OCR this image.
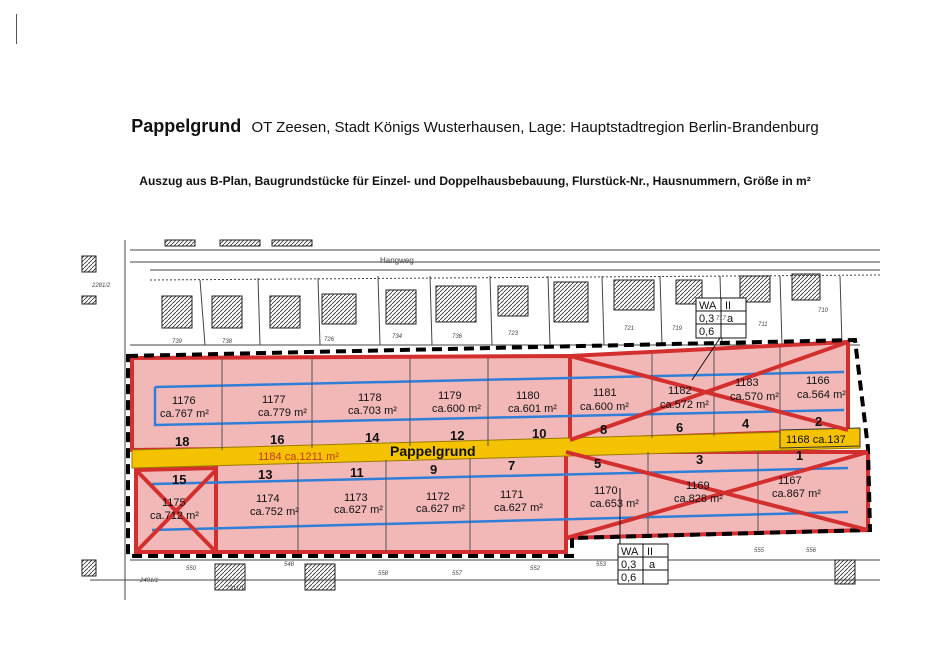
Pappelgrund OT Zeesen, Stadt Königs Wusterhausen, Lage: Hauptstadtregion Berlin-Brandenburg
Auszug aus B-Plan, Baugrundstücke für Einzel- und Doppelhausbebauung, Flurstück-Nr., Hausnummern, Größe in m²
Hangweg
Pappelgrund
1184 ca.1211 m²
1168 ca.137
1176
ca.767 m²
18
1177
ca.779 m²
16
1178
ca.703 m²
14
1179
ca.600 m²
12
1180
ca.601 m²
10
1181
ca.600 m²
8
1182
ca.572 m²
6
1183
ca.570 m²
4
1166
ca.564 m²
2
1175
ca.712 m²
15
1174
ca.752 m²
13
1173
ca.627 m²
11
1172
ca.627 m²
9
1171
ca.627 m²
7
1170
ca.653 m²
5
1169
ca.828 m²
3
1167
ca.867 m²
1
WA II
0,3 a
0,6
WA II
0,3 a
0,6
739	738	726	736
734	723
721	719
717
711
710
552
553
555	556
557
558
550
548
2281/2
2491/1
2311/1
